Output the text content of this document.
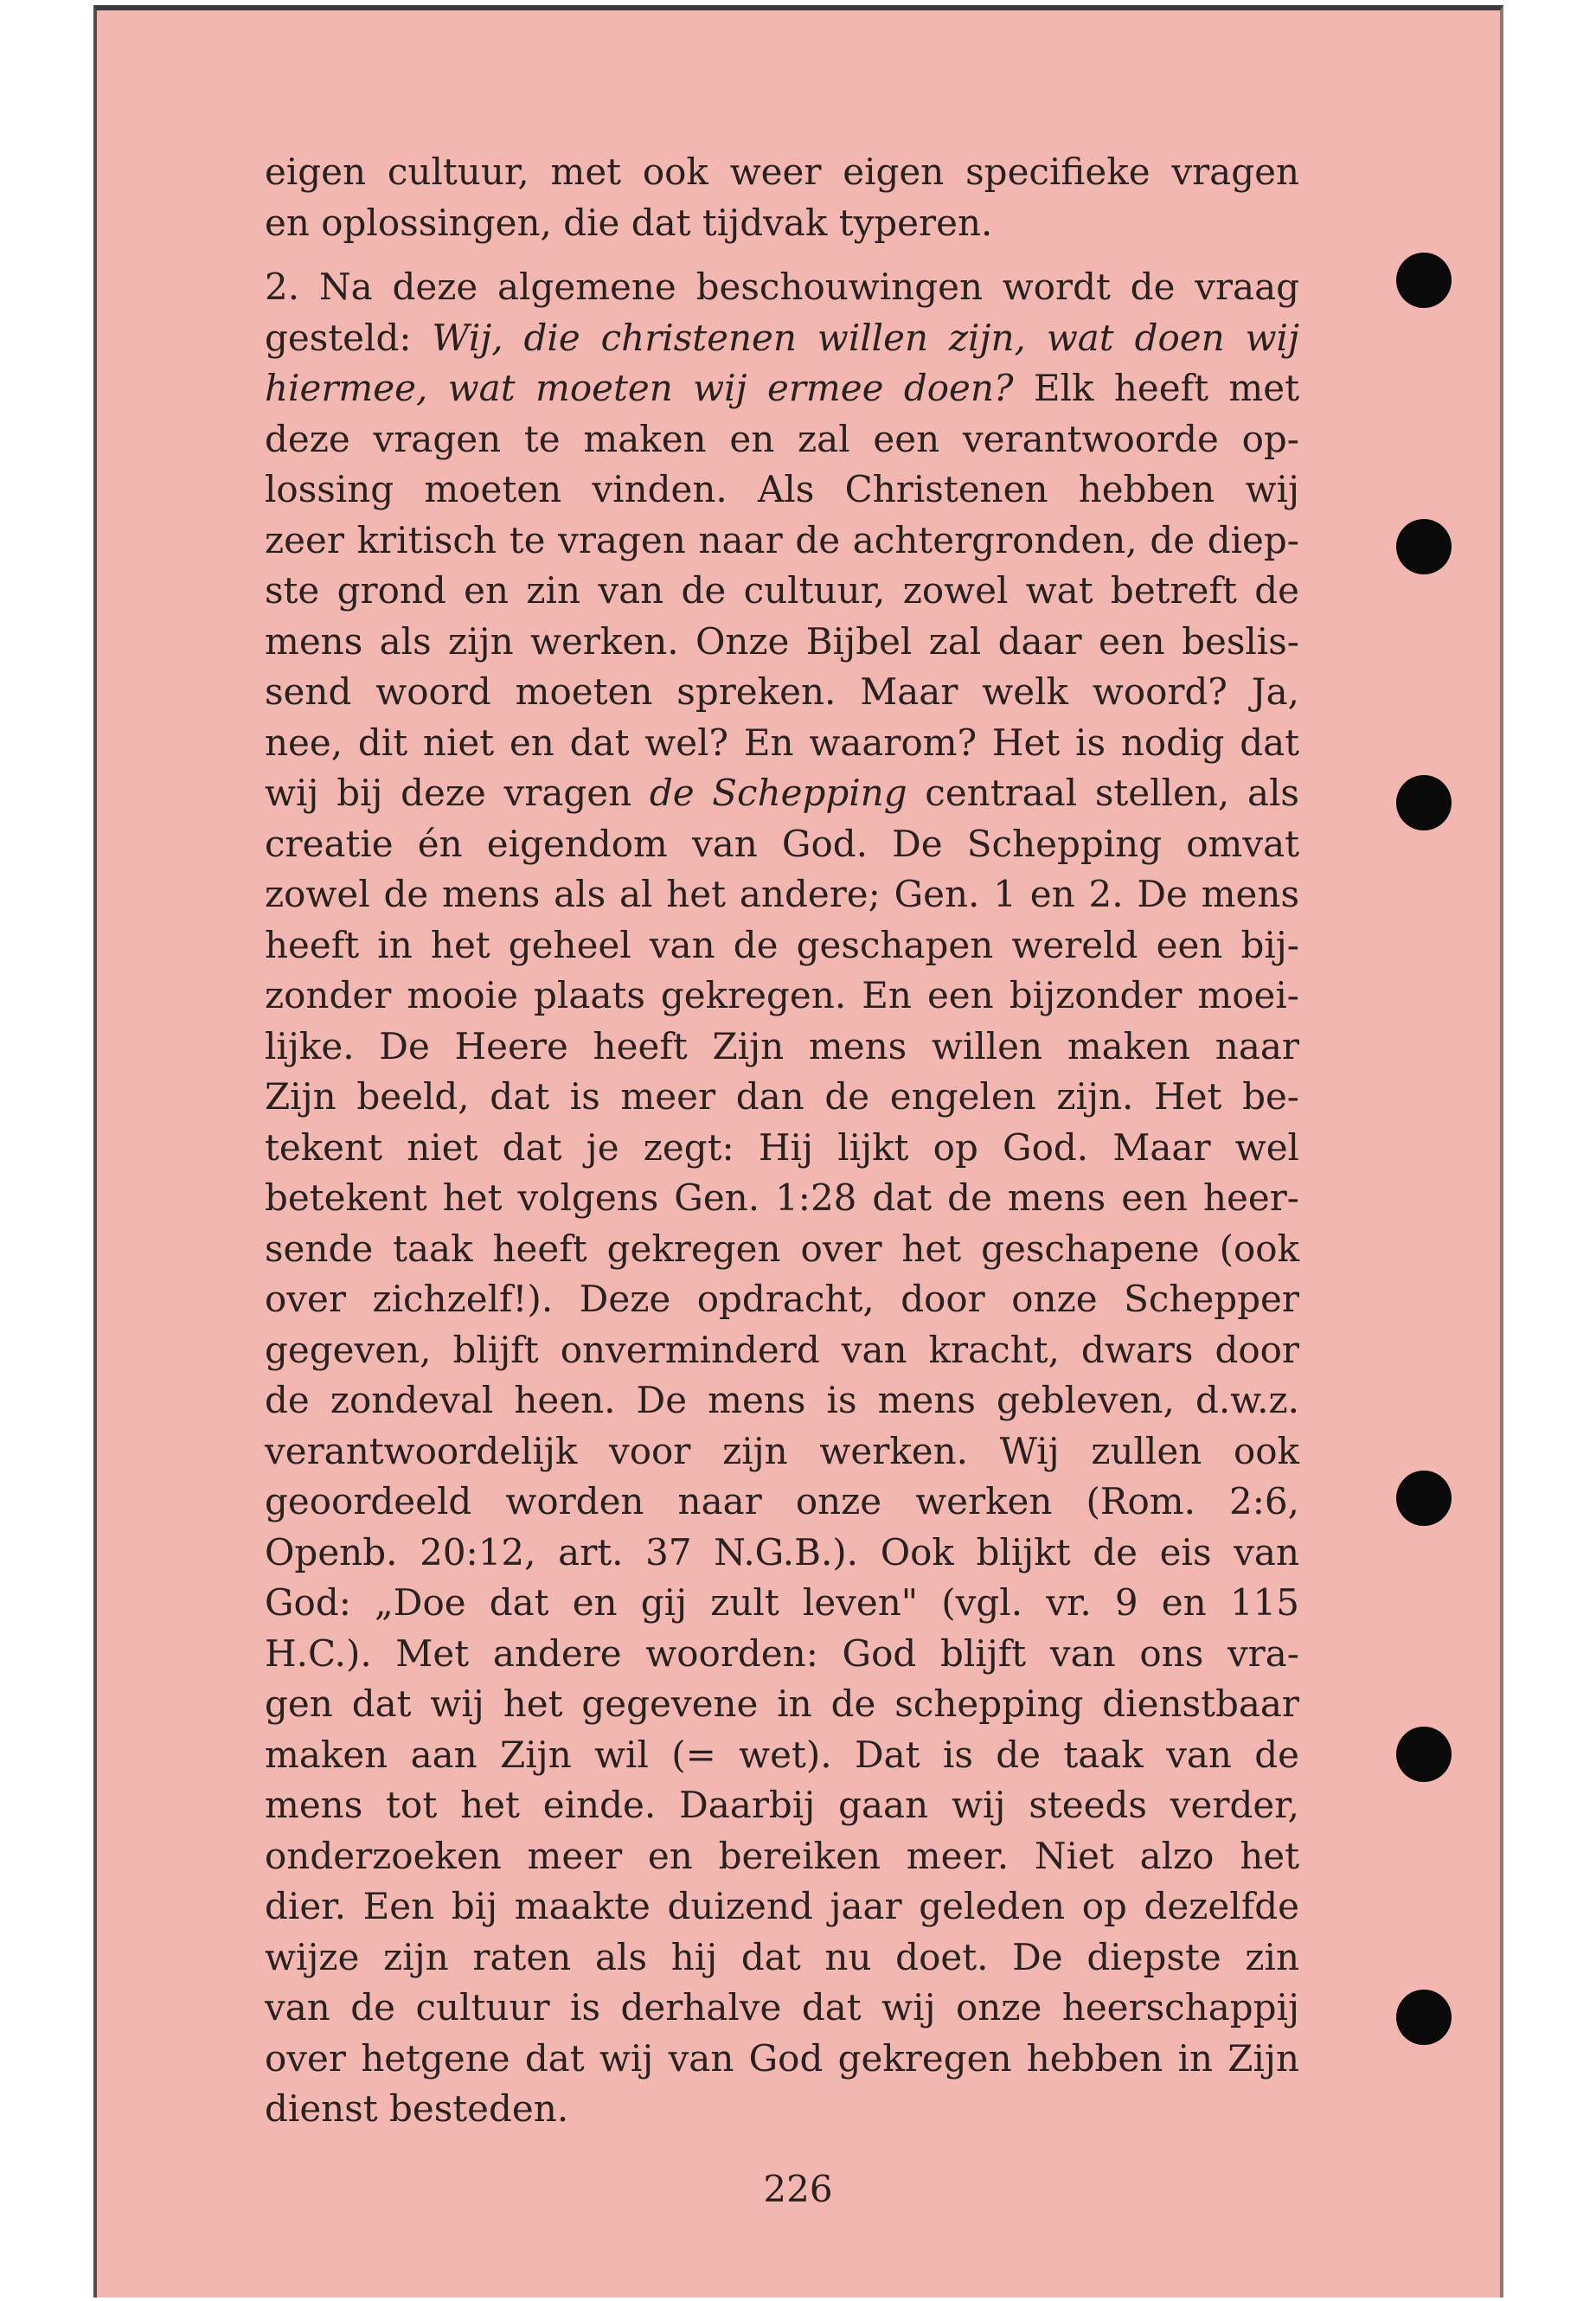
eigen cultuur, met ook weer eigen specifieke vragen
en oplossingen, die dat tijdvak typeren.
2. Na deze algemene beschouwingen wordt de vraag
gesteld: Wij, die christenen willen zijn, wat doen wij
hiermee, wat moeten wij ermee doen? Elk heeft met
deze vragen te maken en zal een verantwoorde op-
lossing moeten vinden. Als Christenen hebben wij
zeer kritisch te vragen naar de achtergronden, de diep-
ste grond en zin van de cultuur, zowel wat betreft de
mens als zijn werken. Onze Bijbel zal daar een beslis-
send woord moeten spreken. Maar welk woord? Ja,
nee, dit niet en dat wel? En waarom? Het is nodig dat
wij bij deze vragen de Schepping centraal stellen, als
creatie én eigendom van God. De Schepping omvat
zowel de mens als al het andere; Gen. 1 en 2. De mens
heeft in het geheel van de geschapen wereld een bij-
zonder mooie plaats gekregen. En een bijzonder moei-
lijke. De Heere heeft Zijn mens willen maken naar
Zijn beeld, dat is meer dan de engelen zijn. Het be-
tekent niet dat je zegt: Hij lijkt op God. Maar wel
betekent het volgens Gen. 1:28 dat de mens een heer-
sende taak heeft gekregen over het geschapene (ook
over zichzelf!). Deze opdracht, door onze Schepper
gegeven, blijft onverminderd van kracht, dwars door
de zondeval heen. De mens is mens gebleven, d.w.z.
verantwoordelijk voor zijn werken. Wij zullen ook
geoordeeld worden naar onze werken (Rom. 2:6,
Openb. 20:12, art. 37 N.G.B.). Ook blijkt de eis van
God: „Doe dat en gij zult leven" (vgl. vr. 9 en 115
H.C.). Met andere woorden: God blijft van ons vra-
gen dat wij het gegevene in de schepping dienstbaar
maken aan Zijn wil (= wet). Dat is de taak van de
mens tot het einde. Daarbij gaan wij steeds verder,
onderzoeken meer en bereiken meer. Niet alzo het
dier. Een bij maakte duizend jaar geleden op dezelfde
wijze zijn raten als hij dat nu doet. De diepste zin
van de cultuur is derhalve dat wij onze heerschappij
over hetgene dat wij van God gekregen hebben in Zijn
dienst besteden.
226
